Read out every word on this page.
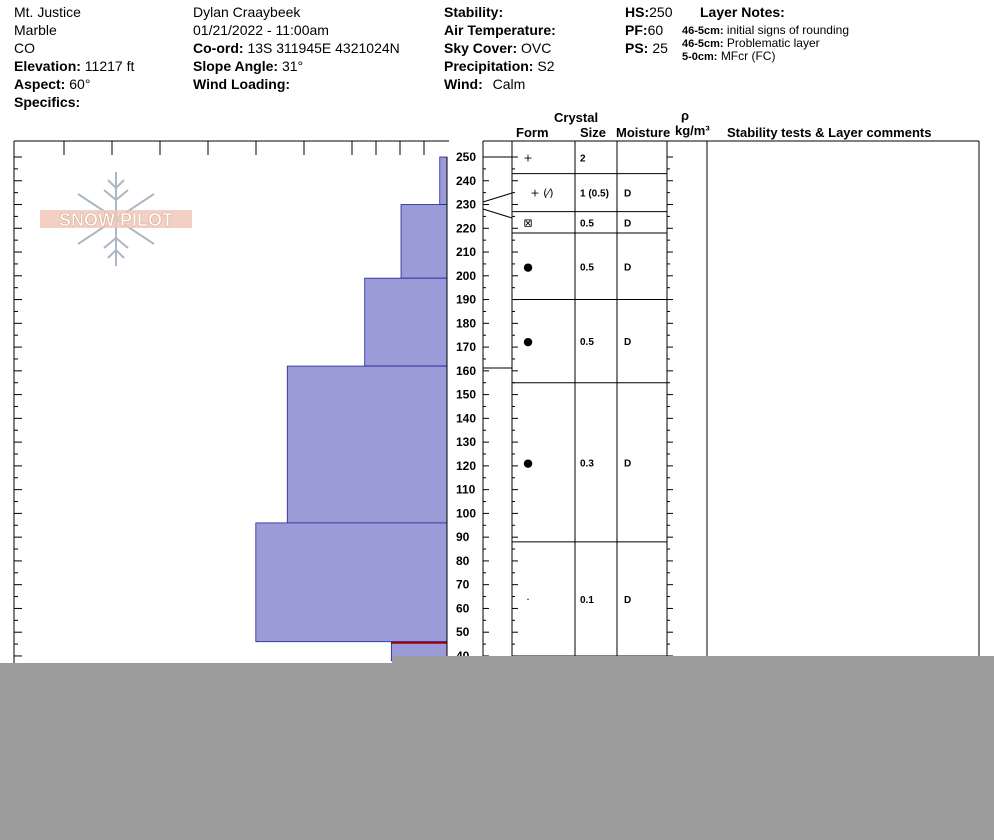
Mt. Justice
Marble
CO
Elevation: 11217 ft
Aspect: 60°
Specifics:
Dylan Craaybeek
01/21/2022 - 11:00am
Co-ord: 13S 311945E 4321024N
Slope Angle: 31°
Wind Loading:
Stability:
Air Temperature:
Sky Cover: OVC
Precipitation: S2
Wind: Calm
HS:250
PF:60
PS: 25
Layer Notes:
46-5cm: initial signs of rounding
46-5cm: Problematic layer
5-0cm: MFcr (FC)
Crystal
Form Size Moisture
ρ
kg/m³ Stability tests & Layer comments
SNOW PILOT
250
240
230
220
210
200
190
180
170
160
150
140
130
120
110
100
90
80
70
60
50
+	2
+ (⁄)	1 (0.5) D
⊠	0.5	D
●	0.5	D
●	0.5	D
●	0.3	D
·	0.1	D
